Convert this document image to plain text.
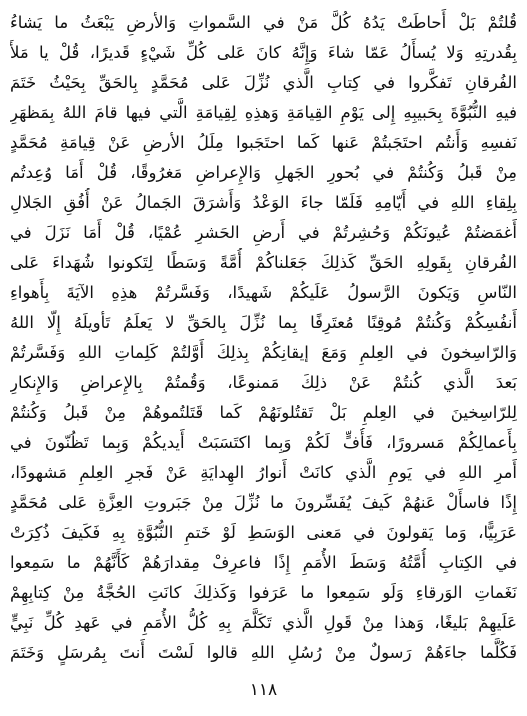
قُلتُمْ بَلْ أَحاطَتْ يَدُهُ كُلَّ مَنْ في السَّمواتِ وَالأرضِ يَبْعَثُ ما يَشاءُ
بِقُدرتِهِ وَلا يُسأَلُ عَمّا شاءَ وَإِنَّهُ كانَ عَلى كُلِّ شَيْءٍ قَديرًا، قُلْ يا مَلأَ
الفُرقانِ تَفكَّروا في كِتابِ الَّذي نُزِّلَ عَلى مُحَمَّدٍ بِالحَقِّ بِحَيْثُ خَتَمَ
فيهِ النُّبُوَّةَ بِحَبيبِهِ إِلى يَوْمِ القِيامَةِ وَهذِهِ لِقِيامَةِ الَّتي فيها قامَ اللهُ بِمَظهَرِ
نَفسِهِ وَأَنتُم احتَجَبتُمْ عَنها كَما احتَجَبوا مِلَلُ الأرضِ عَنْ قِيامَةِ مُحَمَّدٍ
مِنْ قَبلُ وَكُنتُمْ في بُحورِ الجَهلِ وَالإِعراضِ مَغرُوقًا، قُلْ أَمَا وُعِدتُم
بِلِقاءِ اللهِ في أَيّامِهِ فَلَمّا جاءَ الوَعْدُ وَأَشرَقَ الجَمالُ عَنْ أُفُقِ الجَلالِ
أَغمَضتُمْ عُيونَكُمْ وَحُشِرتُمْ في أَرضِ الحَشرِ عُمْيًا، قُلْ أَمَا نَزَلَ في
الفُرقانِ بِقَولِهِ الحَقِّ كَذلِكَ جَعَلناكُمْ أُمَّةً وَسَطًا لِتَكونوا شُهَداءَ عَلى
النّاسِ وَيَكونَ الرَّسولُ عَلَيكُمْ شَهيدًا، وَفَسَّرتُمْ هذِهِ الآيَةَ بِأَهواءِ
أَنفُسِكُمْ وَكُنتُمْ مُوقِنًا مُعتَرِفًا بِما نُزِّلَ بِالحَقِّ لا يَعلَمُ تَأويلَهُ إِلّا اللهُ
وَالرّاسِخونَ في العِلمِ وَمَعَ إيقانِكُمْ بِذلِكَ أَوَّلتُمْ كَلِماتِ اللهِ وَفَسَّرتُمْ
بَعدَ الَّذي كُنتُمْ عَنْ ذلِكَ مَمنوعًا، وَقُمتُمْ بِالإِعراضِ وَالإِنكارِ
لِلرّاسِخينَ في العِلمِ بَلْ تَقتُلونَهُمْ كَما قَتَلتُموهُمْ مِنْ قَبلُ وَكُنتُمْ
بِأَعمالِكُمْ مَسرورًا، فَأُفٍّ لَكُمْ وَبِما اكتَسَبَتْ أَيديكُمْ وَبِما تَظُنّونَ في
أَمرِ اللهِ في يَومِ الَّذي كانَتْ أَنوارُ الهِدايَةِ عَنْ فَجرِ العِلمِ مَشهودًا،
إِذًا فاسأَلْ عَنهُمْ كَيفَ يُفَسِّرونَ ما نُزِّلَ مِنْ جَبَروتِ العِزَّةِ عَلى مُحَمَّدٍ
عَرَبِيًّا، وَما يَقولونَ في مَعنى الوَسَطِ لَوْ خَتمِ النُّبُوَّةِ بِهِ فَكَيفَ ذُكِرَتْ
في الكِتابِ أُمَّتُهُ وَسَطَ الأُمَمِ إِذًا فاعرِفْ مِقدارَهُمْ كَأَنَّهُمْ ما سَمِعوا
نَغَماتِ الوَرقاءِ وَلَو سَمِعوا ما عَرَفوا وَكَذلِكَ كانَتِ الحُجَّةُ مِنْ كِتابِهِمْ
عَلَيهِمْ بَليغًا، وَهذا مِنْ قَولِ الَّذي تَكَلَّمَ بِهِ كُلُّ الأُمَمِ في عَهدِ كُلِّ نَبِيٍّ
فَكُلَّما جاءَهُمْ رَسولٌ مِنْ رُسُلِ اللهِ قالوا لَسْتَ أَنتَ بِمُرسَلٍ وَخَتَمَ
١١٨
